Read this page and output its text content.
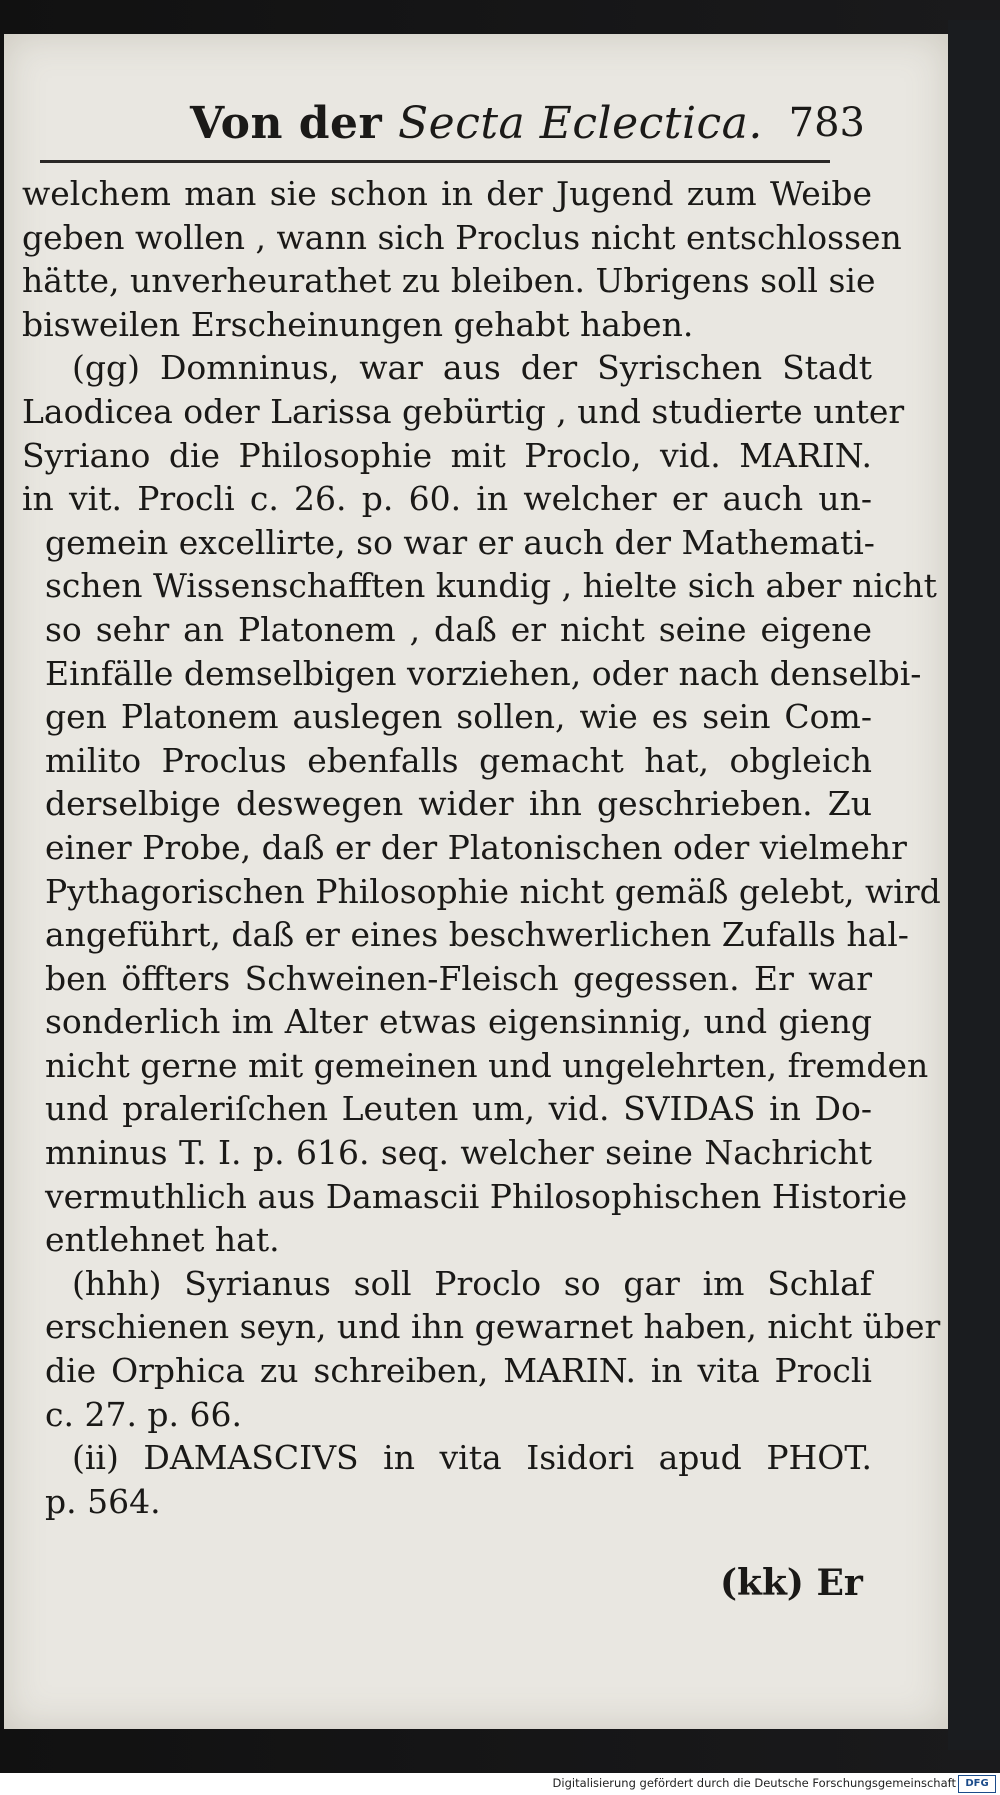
Von der Secta Eclectica. 783
welchem man sie schon in der Jugend zum Weibe
geben wollen , wann sich Proclus nicht entschlossen
hätte, unverheurathet zu bleiben. Ubrigens soll sie
bisweilen Erscheinungen gehabt haben.
(gg) Domninus, war aus der Syrischen Stadt
Laodicea oder Larissa gebürtig , und studierte unter
Syriano die Philosophie mit Proclo, vid. MARIN.
in vit. Procli c. 26. p. 60. in welcher er auch un-
gemein excellirte, so war er auch der Mathemati-
schen Wissenschafften kundig , hielte sich aber nicht
so sehr an Platonem , daß er nicht seine eigene
Einfälle demselbigen vorziehen, oder nach denselbi-
gen Platonem auslegen sollen, wie es sein Com-
milito Proclus ebenfalls gemacht hat, obgleich
derselbige deswegen wider ihn geschrieben. Zu
einer Probe, daß er der Platonischen oder vielmehr
Pythagorischen Philosophie nicht gemäß gelebt, wird
angeführt, daß er eines beschwerlichen Zufalls hal-
ben öffters Schweinen-Fleisch gegessen. Er war
sonderlich im Alter etwas eigensinnig, und gieng
nicht gerne mit gemeinen und ungelehrten, fremden
und praleriſchen Leuten um, vid. SVIDAS in Do-
mninus T. I. p. 616. seq. welcher seine Nachricht
vermuthlich aus Damascii Philosophischen Historie
entlehnet hat.
(hhh) Syrianus soll Proclo so gar im Schlaf
erschienen seyn, und ihn gewarnet haben, nicht über
die Orphica zu schreiben, MARIN. in vita Procli
c. 27. p. 66.
(ii) DAMASCIVS in vita Isidori apud PHOT.
p. 564.
(kk) Er
Digitalisierung gefördert durch die Deutsche Forschungsgemeinschaft DFG
